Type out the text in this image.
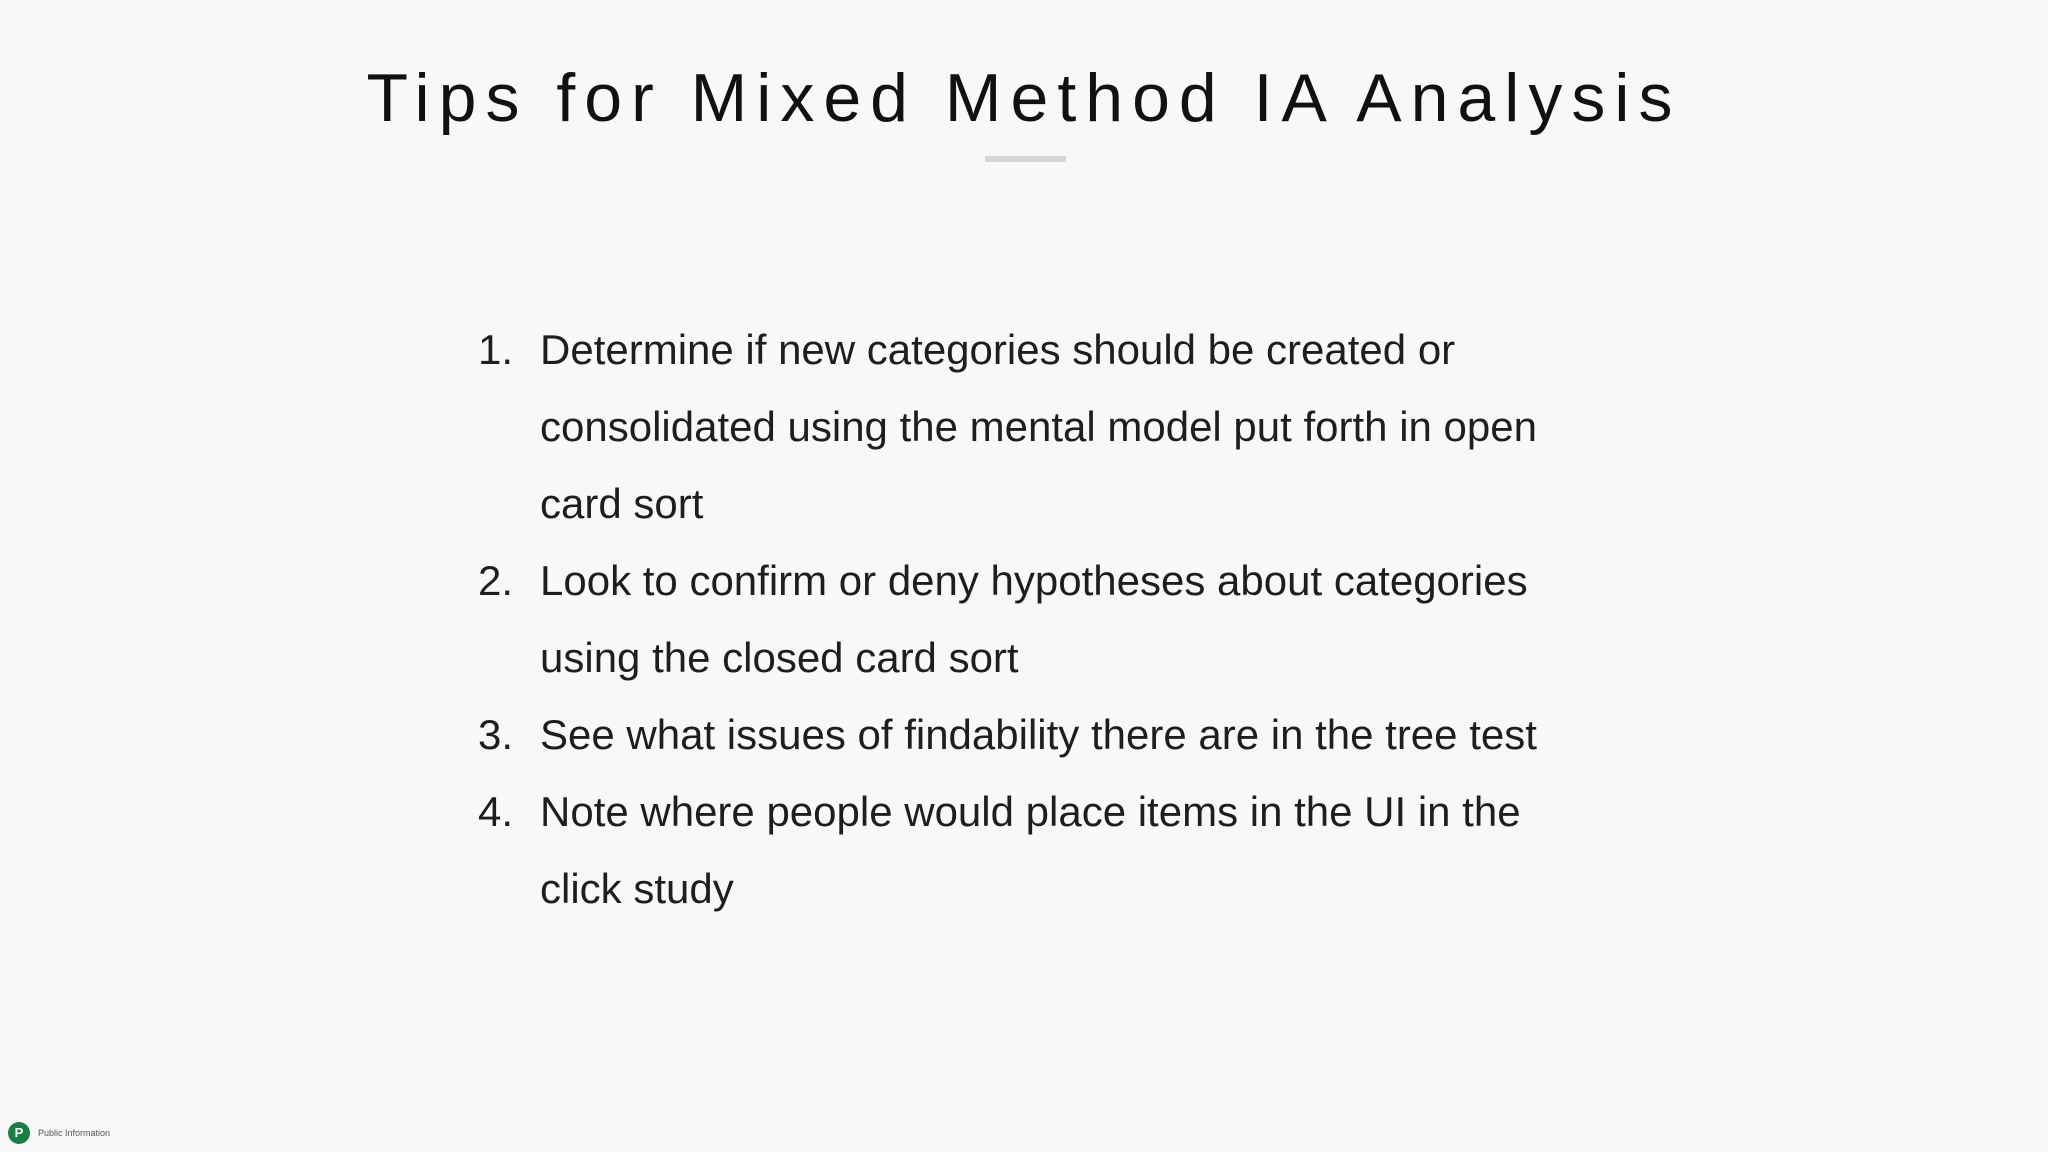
Tips for Mixed Method IA Analysis
1. Determine if new categories should be created or consolidated using the mental model put forth in open card sort
2. Look to confirm or deny hypotheses about categories using the closed card sort
3. See what issues of findability there are in the tree test
4. Note where people would place items in the UI in the click study
P	Public Information
